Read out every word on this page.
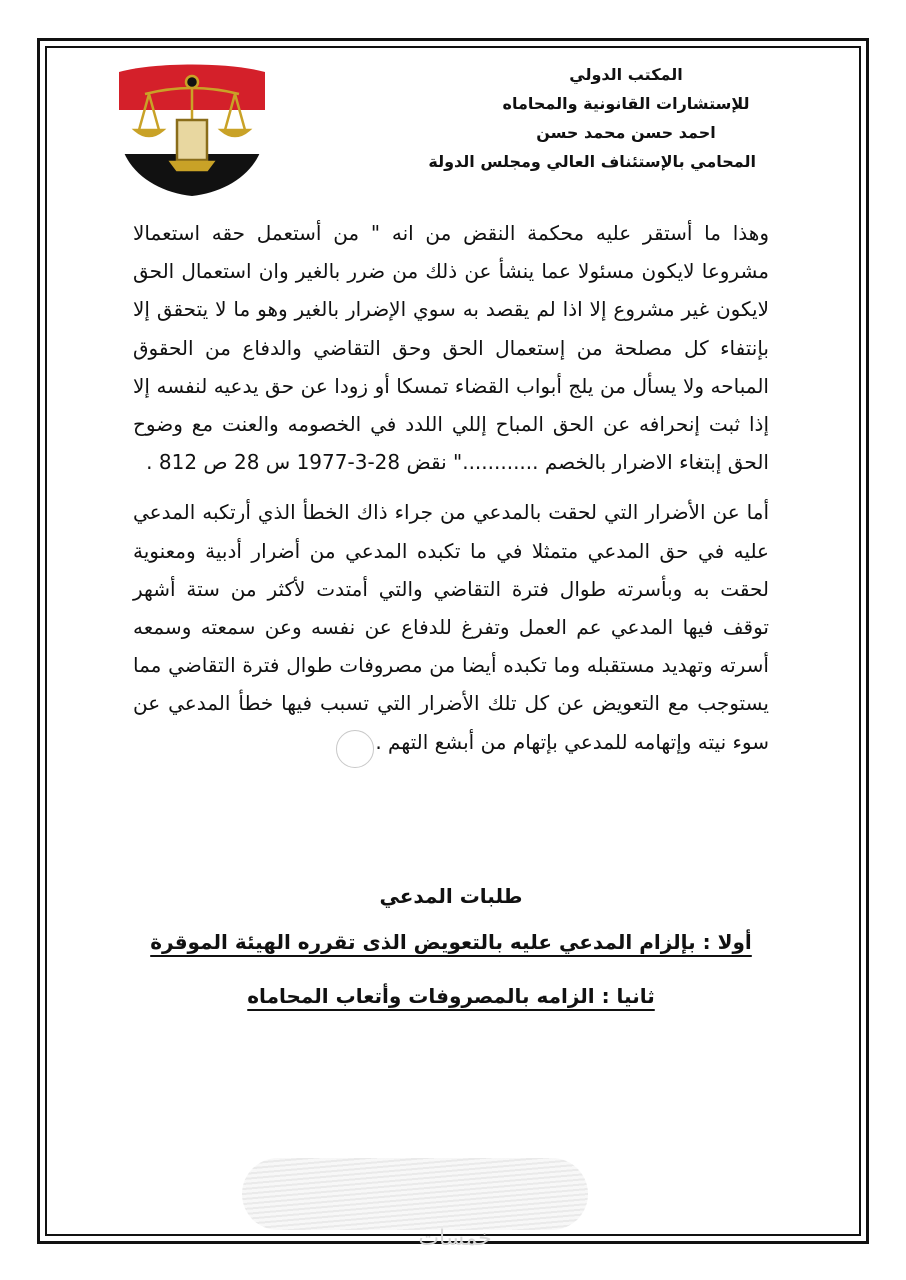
المكتب الدولي
للإستشارات القانونية والمحاماه
احمد حسن محمد حسن
المحامي بالإستئناف العالي ومجلس الدولة

وهذا ما أستقر عليه محكمة النقض من انه " من أستعمل حقه استعمالا مشروعا لايكون مسئولا عما ينشأ عن ذلك من ضرر بالغير وان استعمال الحق لايكون غير مشروع إلا اذا لم يقصد به سوي الإضرار بالغير وهو ما لا يتحقق إلا بإنتفاء كل مصلحة من إستعمال الحق وحق التقاضي والدفاع من الحقوق المباحه ولا يسأل من يلج أبواب القضاء تمسكا أو زودا عن حق يدعيه لنفسه إلا إذا ثبت إنحرافه عن الحق المباح إللي اللدد في الخصومه والعنت مع وضوح الحق إبتغاء الاضرار بالخصم ............" نقض 28-3-1977 س 28 ص 812 .

أما عن الأضرار التي لحقت بالمدعي من جراء ذاك الخطأ الذي أرتكبه المدعي عليه في حق المدعي متمثلا في ما تكبده المدعي من أضرار أدبية ومعنوية لحقت به وبأسرته طوال فترة التقاضي والتي أمتدت لأكثر من ستة أشهر توقف فيها المدعي عم العمل وتفرغ للدفاع عن نفسه وعن سمعته وسمعه أسرته وتهديد مستقبله وما تكبده أيضا من مصروفات طوال فترة التقاضي مما يستوجب مع التعويض عن كل تلك الأضرار التي تسبب فيها خطأ المدعي عن سوء نيته وإتهامه للمدعي بإتهام من أبشع التهم .

طلبات المدعي
أولا : بإلزام المدعي عليه بالتعويض الذى تقرره الهيئة الموقرة
ثانيا : الزامه بالمصروفات وأتعاب المحاماه
خمسات
